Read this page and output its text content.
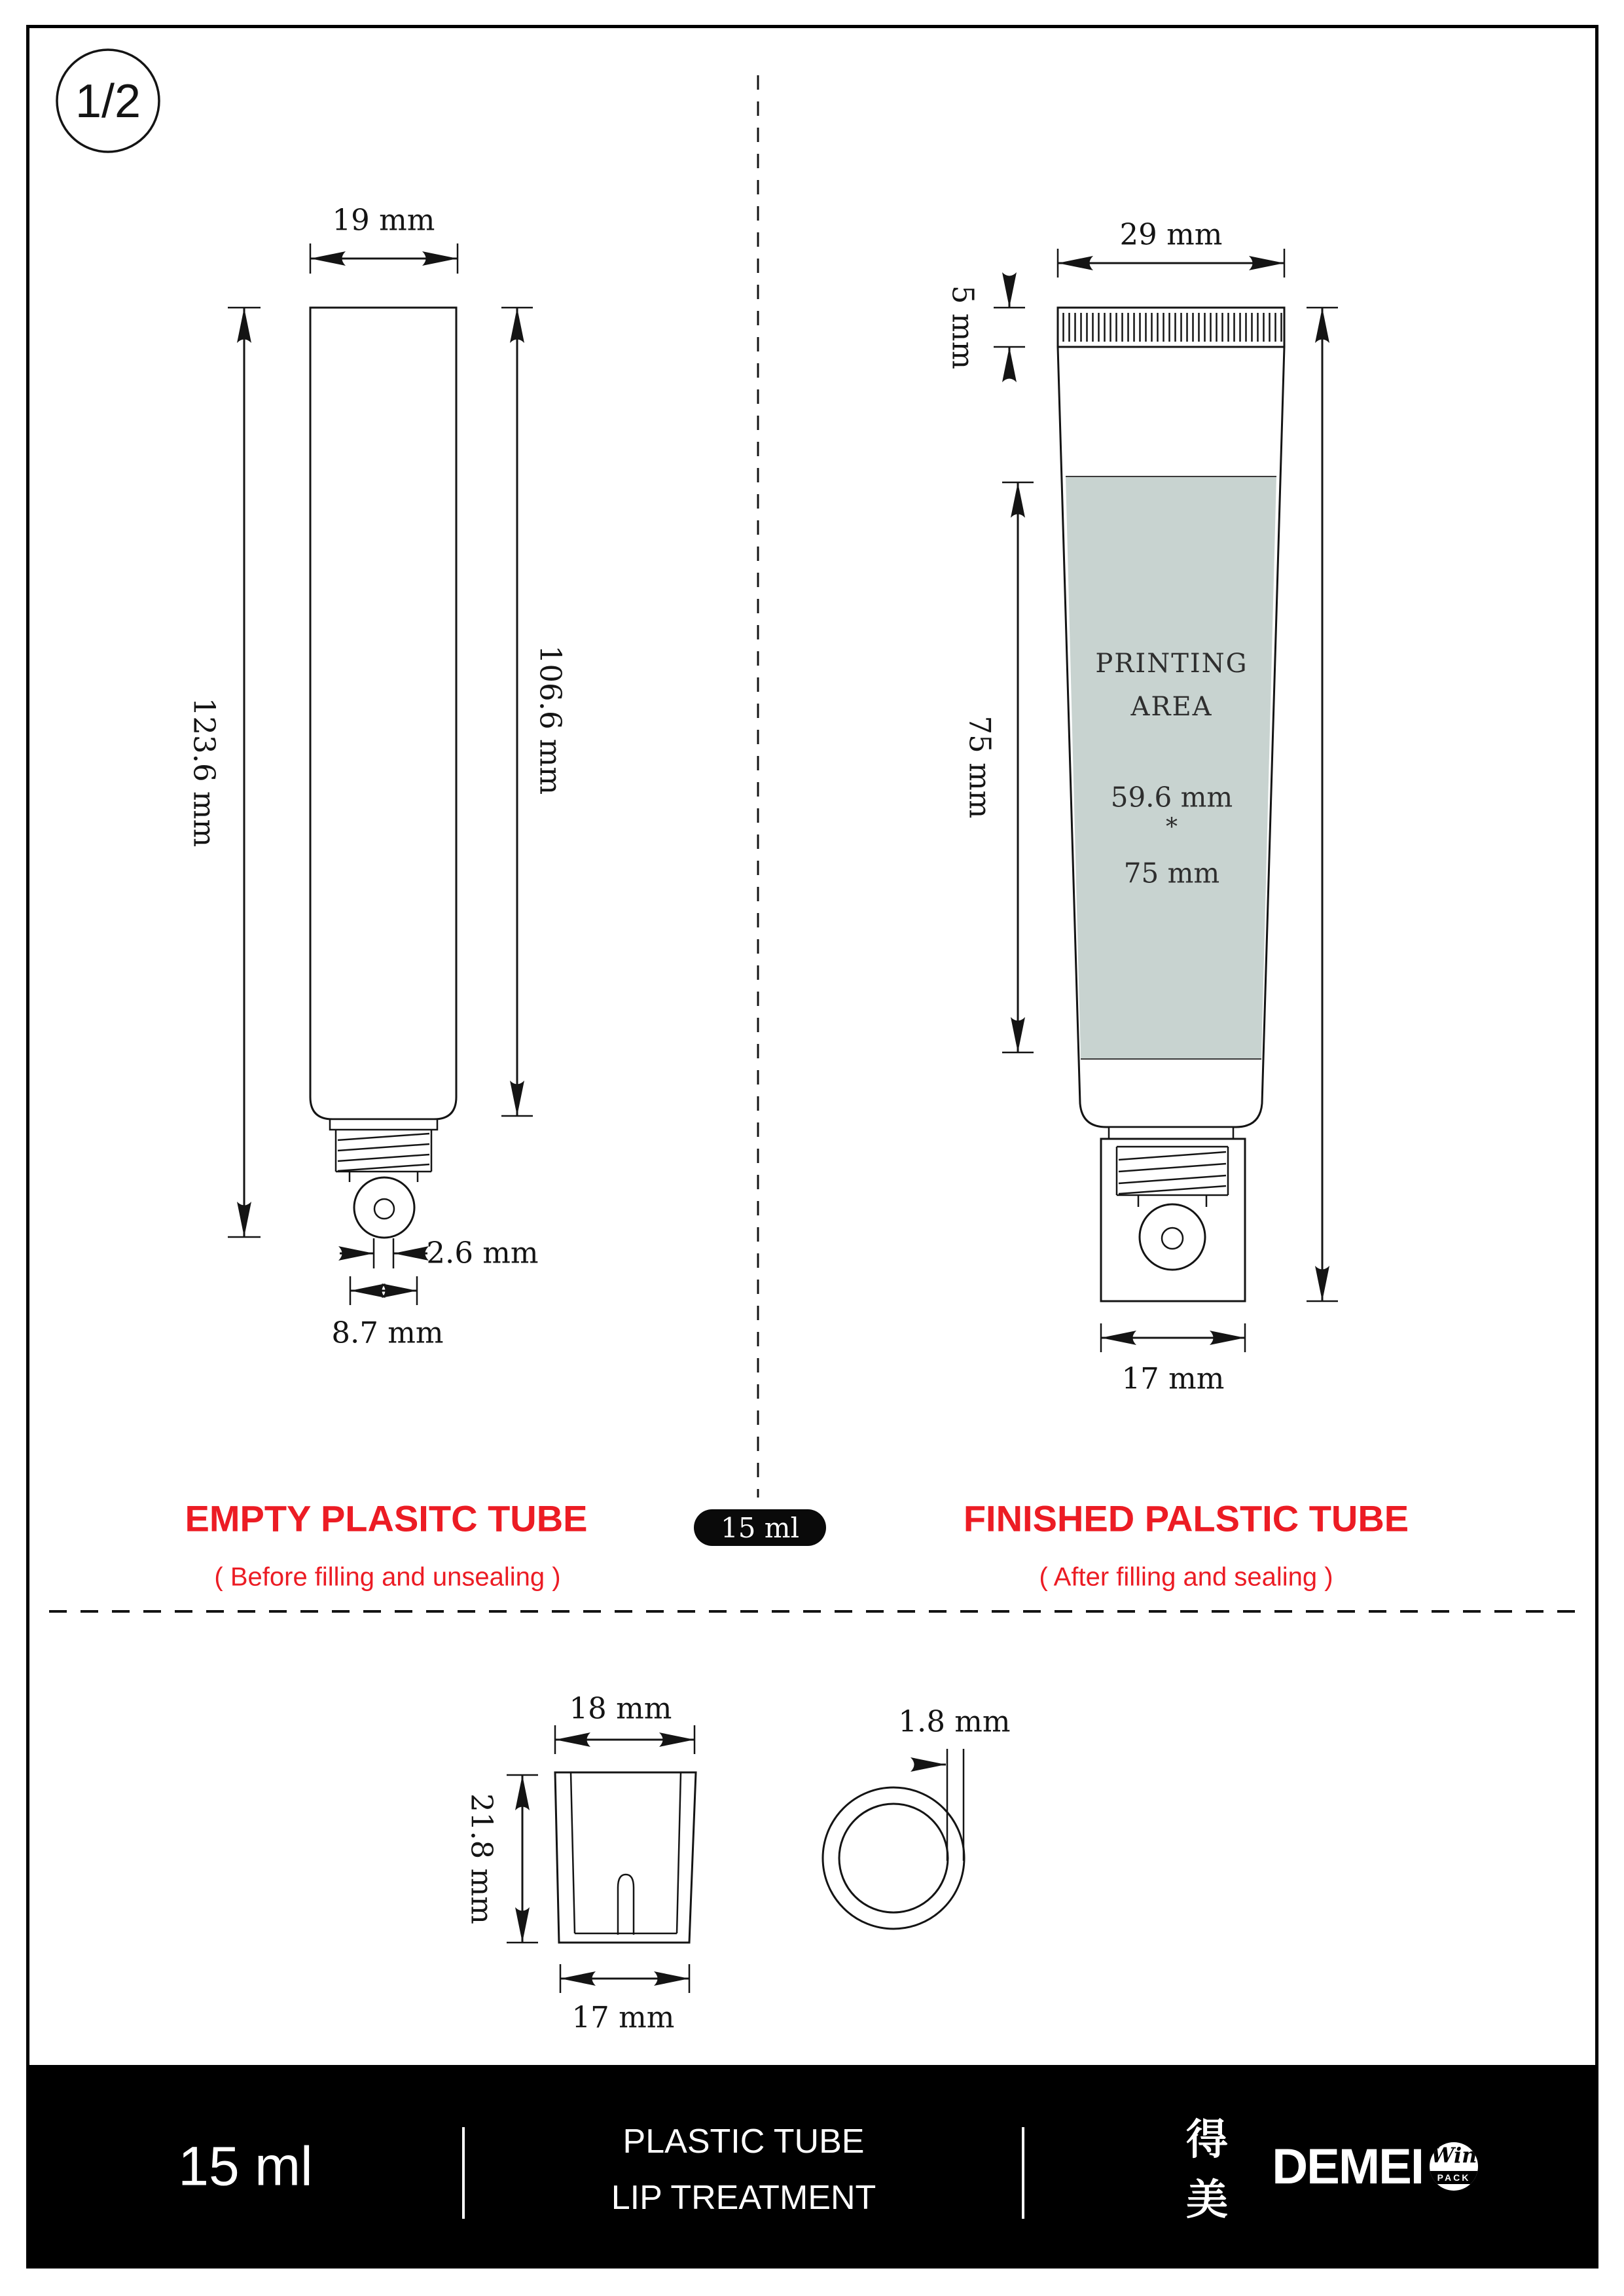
1/2
19 mm
123.6 mm	106.6 mm
2.6 mm
8.7 mm
EMPTY PLASITC TUBE
( Before filling and unsealing )
29 mm
5 mm
75 mm
PRINTING
AREA
59.6 mm
*
75 mm
17 mm
FINISHED PALSTIC TUBE
( After filling and sealing )
15 ml
18 mm
21.8 mm
17 mm
1.8 mm
15 ml	PLASTIC TUBE
LIP TREATMENT
得美
DEMEI Win
PACK
